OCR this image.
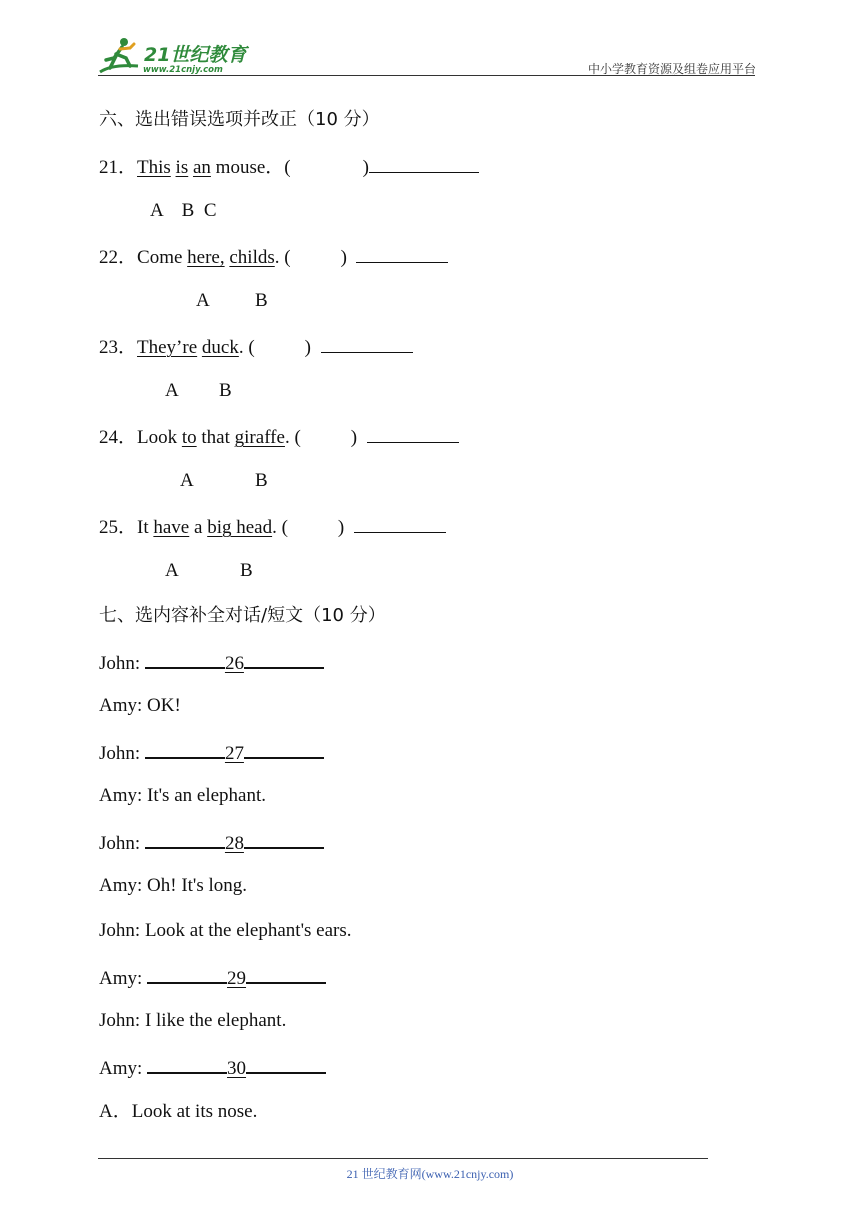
21世纪教育
www.21cnjy.com	中小学教育资源及组卷应用平台
六、选出错误选项并改正（10 分）
21．This is an mouse．(	)
A    B  C
22．Come here, childs. (	)
A B
23．They’re duck. (	)
A B
24．Look to that giraffe. (	)
A	B
25．It have a big head. (	)
A	B
七、选内容补全对话/短文（10 分）
John:	26
Amy: OK!
John:	27
Amy: It's an elephant.
John:	28
Amy: Oh! It's long.
John: Look at the elephant's ears.
Amy:	29
John: I like the elephant.
Amy:	30
A．Look at its nose.
21 世纪教育网(www.21cnjy.com)
